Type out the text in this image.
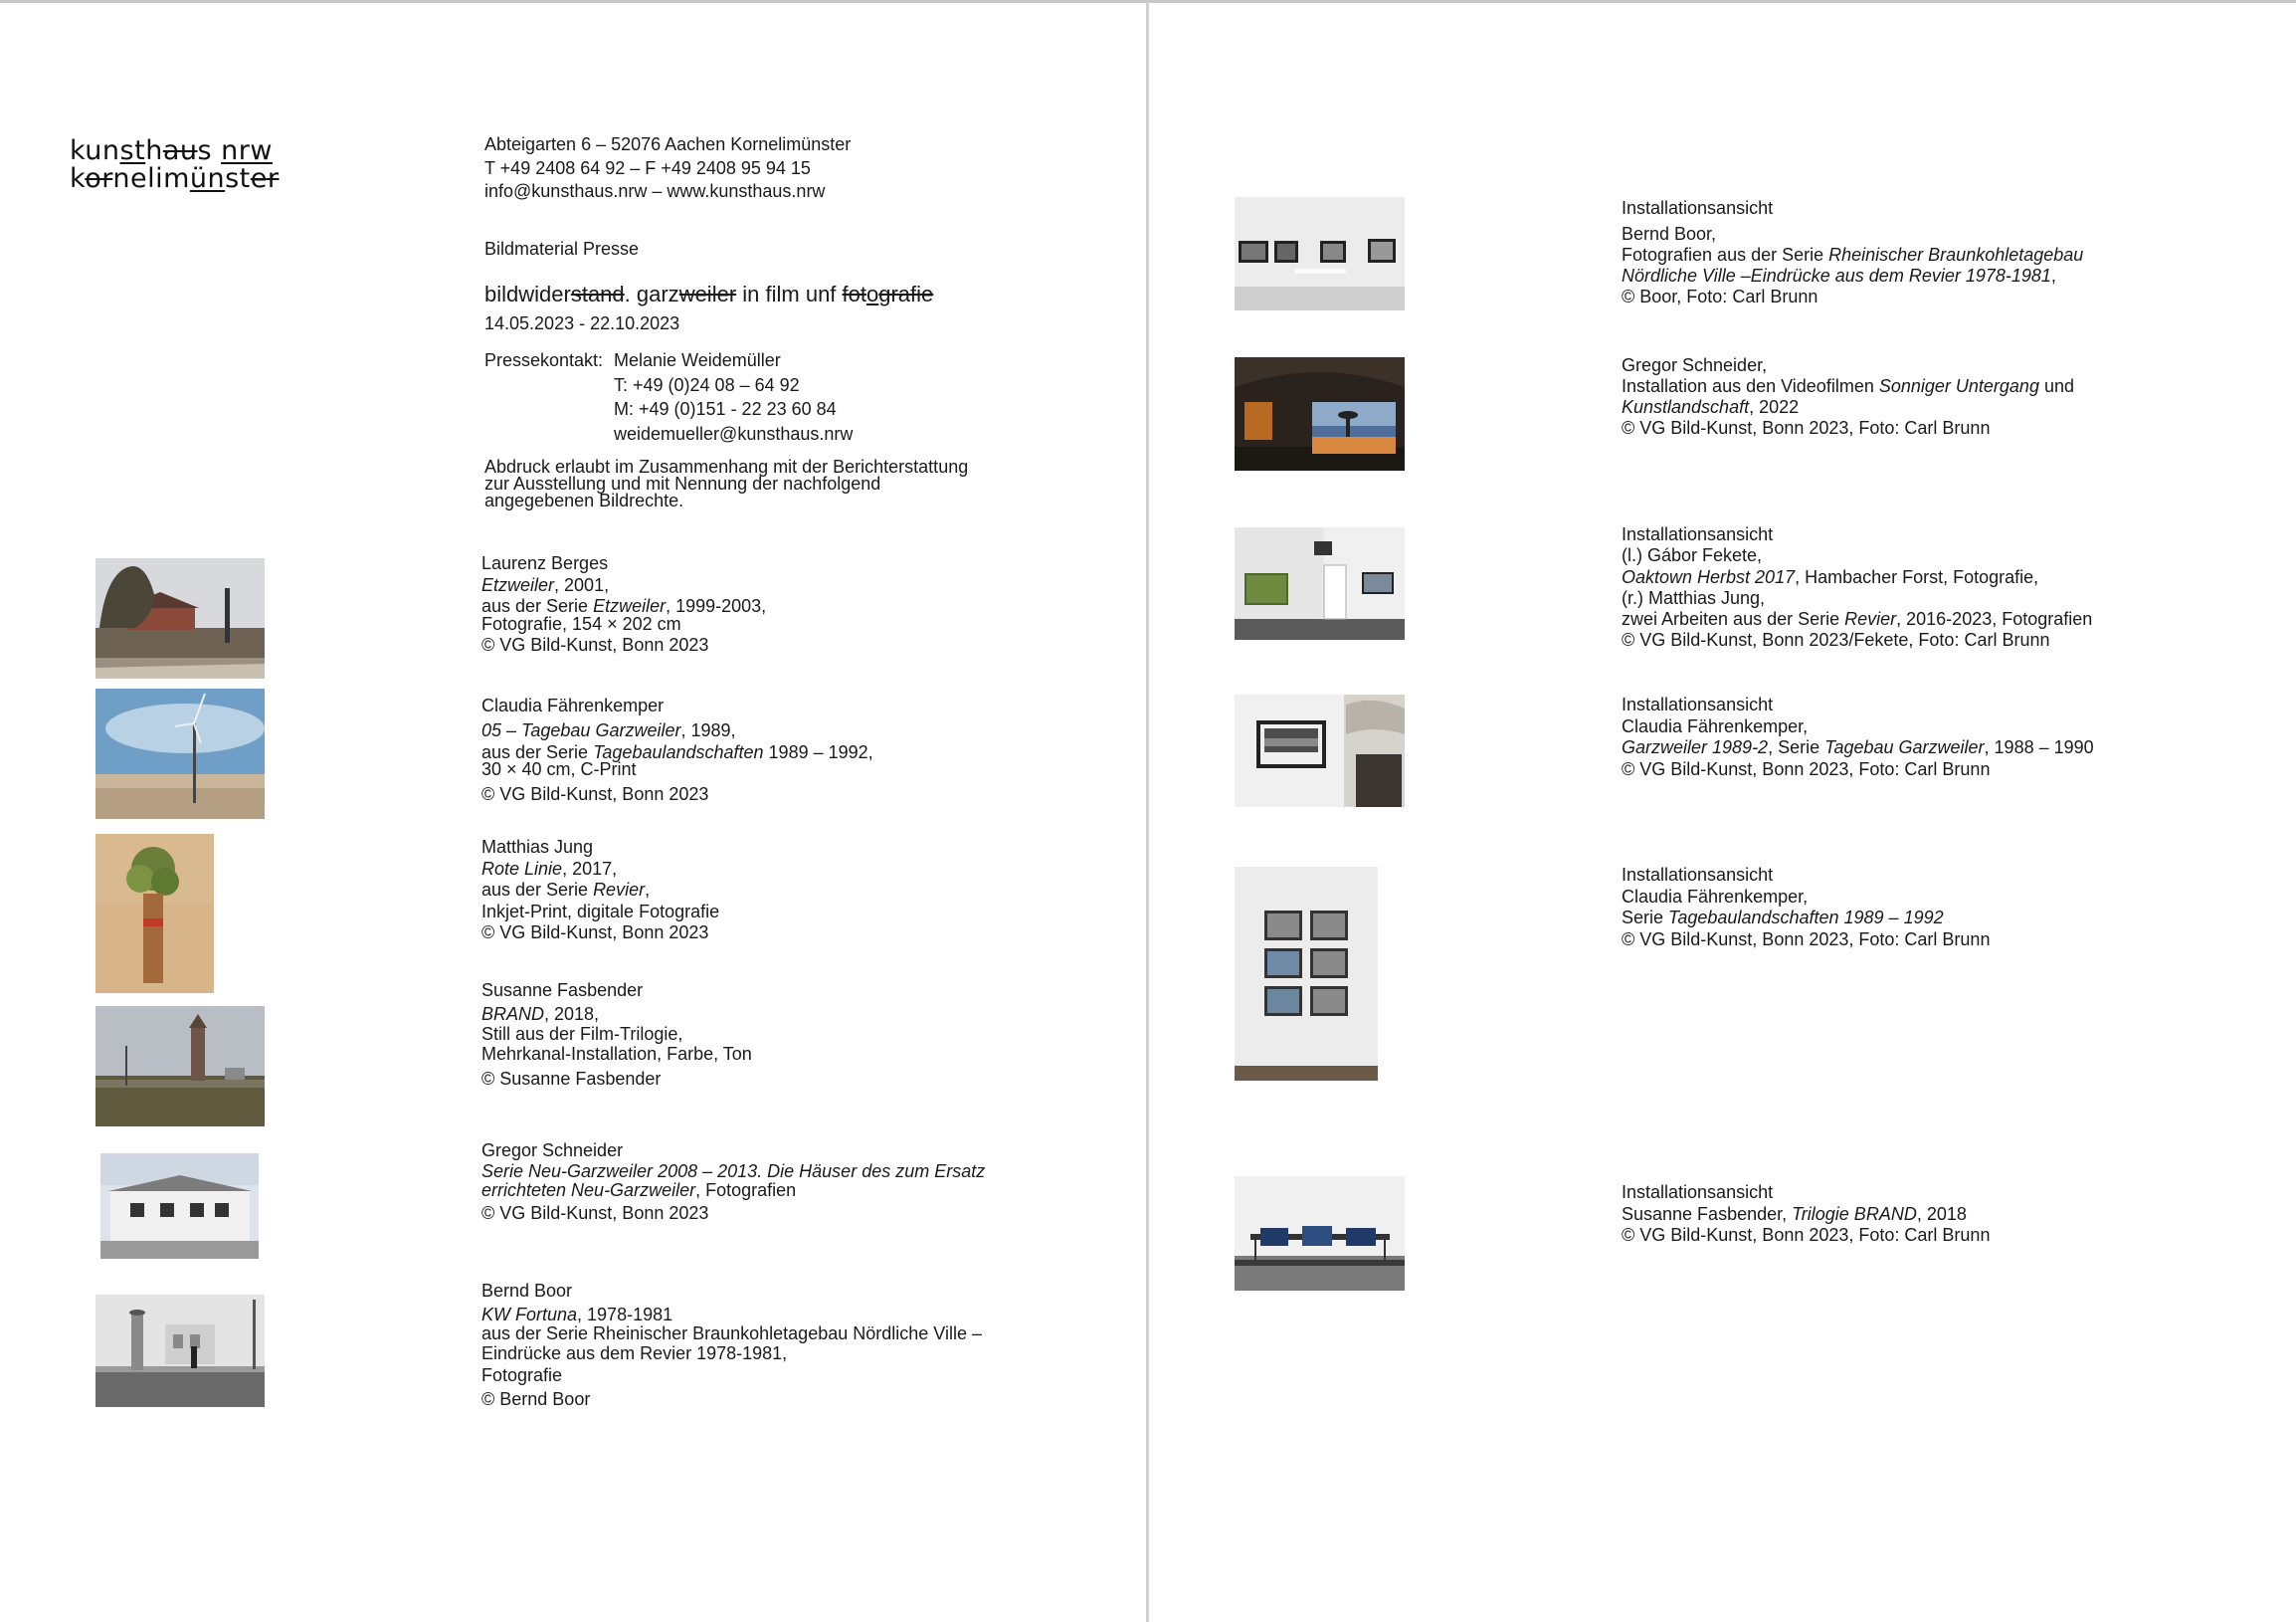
kunsthaus nrw
kornelimünster

Abteigarten 6 – 52076 Aachen Kornelimünster

T +49 2408 64 92 – F +49 2408 95 94 15

info@kunsthaus.nrw – www.kunsthaus.nrw

Bildmaterial Presse
bildwiderstand. garzweiler in film unf fotografie
14.05.2023 - 22.10.2023
Pressekontakt: Melanie Weidemüller

T: +49 (0)24 08 – 64 92

M: +49 (0)151 - 22 23 60 84

weidemueller@kunsthaus.nrw

Abdruck erlaubt im Zusammenhang mit der Berichterstattung

zur Ausstellung und mit Nennung der nachfolgend

angegebenen Bildrechte.

Laurenz Berges

Etzweiler, 2001,

aus der Serie Etzweiler, 1999-2003,

Fotografie, 154 × 202 cm

© VG Bild-Kunst, Bonn 2023

Claudia Fährenkemper

05 – Tagebau Garzweiler, 1989,

aus der Serie Tagebaulandschaften 1989 – 1992,

30 × 40 cm, C-Print

© VG Bild-Kunst, Bonn 2023

Matthias Jung

Rote Linie, 2017,

aus der Serie Revier,

Inkjet-Print, digitale Fotografie

© VG Bild-Kunst, Bonn 2023

Susanne Fasbender

BRAND, 2018,

Still aus der Film-Trilogie,

Mehrkanal-Installation, Farbe, Ton

© Susanne Fasbender

Gregor Schneider

Serie Neu-Garzweiler 2008 – 2013. Die Häuser des zum Ersatz

errichteten Neu-Garzweiler, Fotografien

© VG Bild-Kunst, Bonn 2023

Bernd Boor

KW Fortuna, 1978-1981

aus der Serie Rheinischer Braunkohletagebau Nördliche Ville –

Eindrücke aus dem Revier 1978-1981,

Fotografie

© Bernd Boor

Installationsansicht

Bernd Boor,

Fotografien aus der Serie Rheinischer Braunkohletagebau

Nördliche Ville –Eindrücke aus dem Revier 1978-1981,

© Boor, Foto: Carl Brunn

Gregor Schneider,

Installation aus den Videofilmen Sonniger Untergang und

Kunstlandschaft, 2022

© VG Bild-Kunst, Bonn 2023, Foto: Carl Brunn

Installationsansicht

(l.) Gábor Fekete,

Oaktown Herbst 2017, Hambacher Forst, Fotografie,

(r.) Matthias Jung,

zwei Arbeiten aus der Serie Revier, 2016-2023, Fotografien

© VG Bild-Kunst, Bonn 2023/Fekete, Foto: Carl Brunn

Installationsansicht

Claudia Fährenkemper,

Garzweiler 1989-2, Serie Tagebau Garzweiler, 1988 – 1990

© VG Bild-Kunst, Bonn 2023, Foto: Carl Brunn

Installationsansicht

Claudia Fährenkemper,

Serie Tagebaulandschaften 1989 – 1992

© VG Bild-Kunst, Bonn 2023, Foto: Carl Brunn

Installationsansicht

Susanne Fasbender, Trilogie BRAND, 2018

© VG Bild-Kunst, Bonn 2023, Foto: Carl Brunn
